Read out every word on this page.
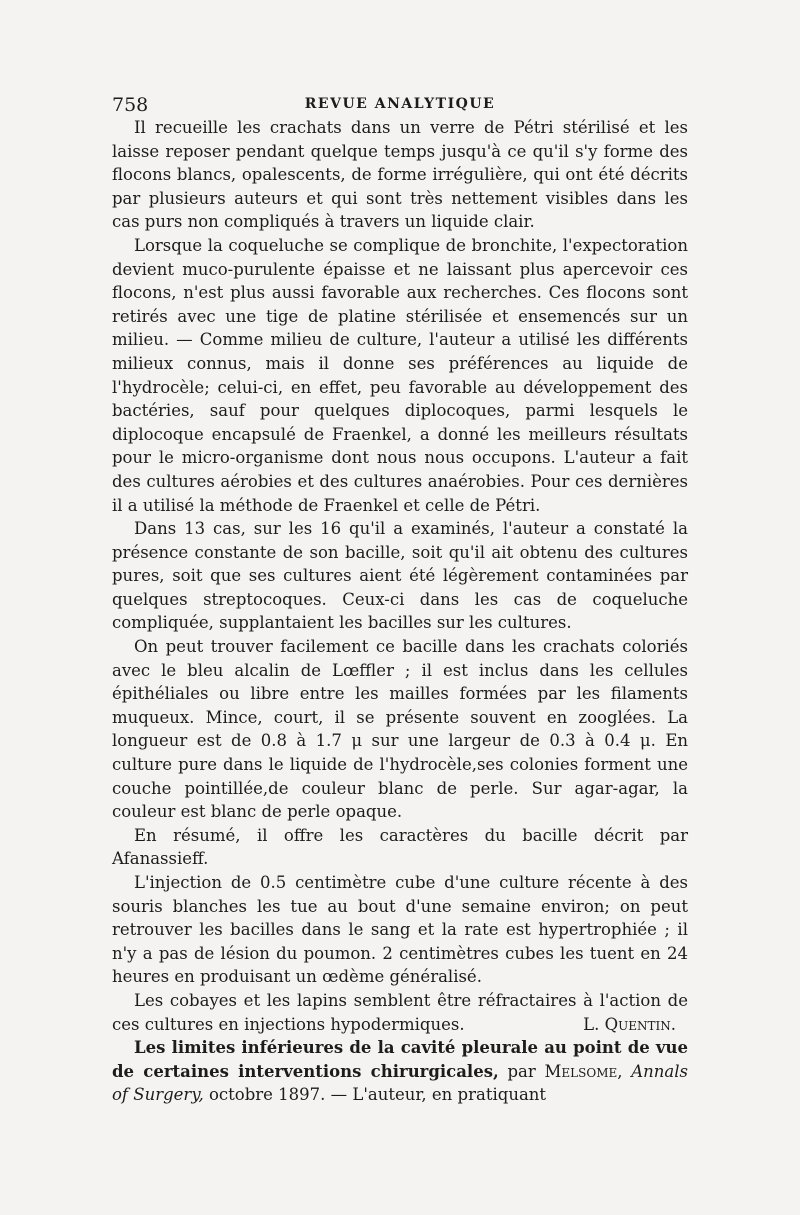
758	REVUE ANALYTIQUE

Il recueille les crachats dans un verre de Pétri stérilisé et les laisse reposer pendant quelque temps jusqu'à ce qu'il s'y forme des flocons blancs, opalescents, de forme irrégulière, qui ont été décrits par plusieurs auteurs et qui sont très nettement visibles dans les cas purs non compliqués à travers un liquide clair.

Lorsque la coqueluche se complique de bronchite, l'expectoration devient muco-purulente épaisse et ne laissant plus apercevoir ces flocons, n'est plus aussi favorable aux recherches. Ces flocons sont retirés avec une tige de platine stérilisée et ensemencés sur un milieu. — Comme milieu de culture, l'auteur a utilisé les différents milieux connus, mais il donne ses préférences au liquide de l'hydrocèle; celui-ci, en effet, peu favorable au développement des bactéries, sauf pour quelques diplocoques, parmi lesquels le diplocoque encapsulé de Fraenkel, a donné les meilleurs résultats pour le micro-organisme dont nous nous occupons. L'auteur a fait des cultures aérobies et des cultures anaérobies. Pour ces dernières il a utilisé la méthode de Fraenkel et celle de Pétri.

Dans 13 cas, sur les 16 qu'il a examinés, l'auteur a constaté la présence constante de son bacille, soit qu'il ait obtenu des cultures pures, soit que ses cultures aient été légèrement contaminées par quelques streptocoques. Ceux-ci dans les cas de coqueluche compliquée, supplantaient les bacilles sur les cultures.

On peut trouver facilement ce bacille dans les crachats coloriés avec le bleu alcalin de Lœffler ; il est inclus dans les cellules épithéliales ou libre entre les mailles formées par les filaments muqueux. Mince, court, il se présente souvent en zooglées. La longueur est de 0.8 à 1.7 μ sur une largeur de 0.3 à 0.4 μ. En culture pure dans le liquide de l'hydrocèle,ses colonies forment une couche pointillée,de couleur blanc de perle. Sur agar-agar, la couleur est blanc de perle opaque.

En résumé, il offre les caractères du bacille décrit par Afanassieff.

L'injection de 0.5 centimètre cube d'une culture récente à des souris blanches les tue au bout d'une semaine environ; on peut retrouver les bacilles dans le sang et la rate est hypertrophiée ; il n'y a pas de lésion du poumon. 2 centimètres cubes les tuent en 24 heures en produisant un œdème généralisé.

Les cobayes et les lapins semblent être réfractaires à l'action de ces cultures en injections hypodermiques.	L. Quentin.

Les limites inférieures de la cavité pleurale au point de vue de certaines interventions chirurgicales, par Melsome, Annals of Surgery, octobre 1897. — L'auteur, en pratiquant
